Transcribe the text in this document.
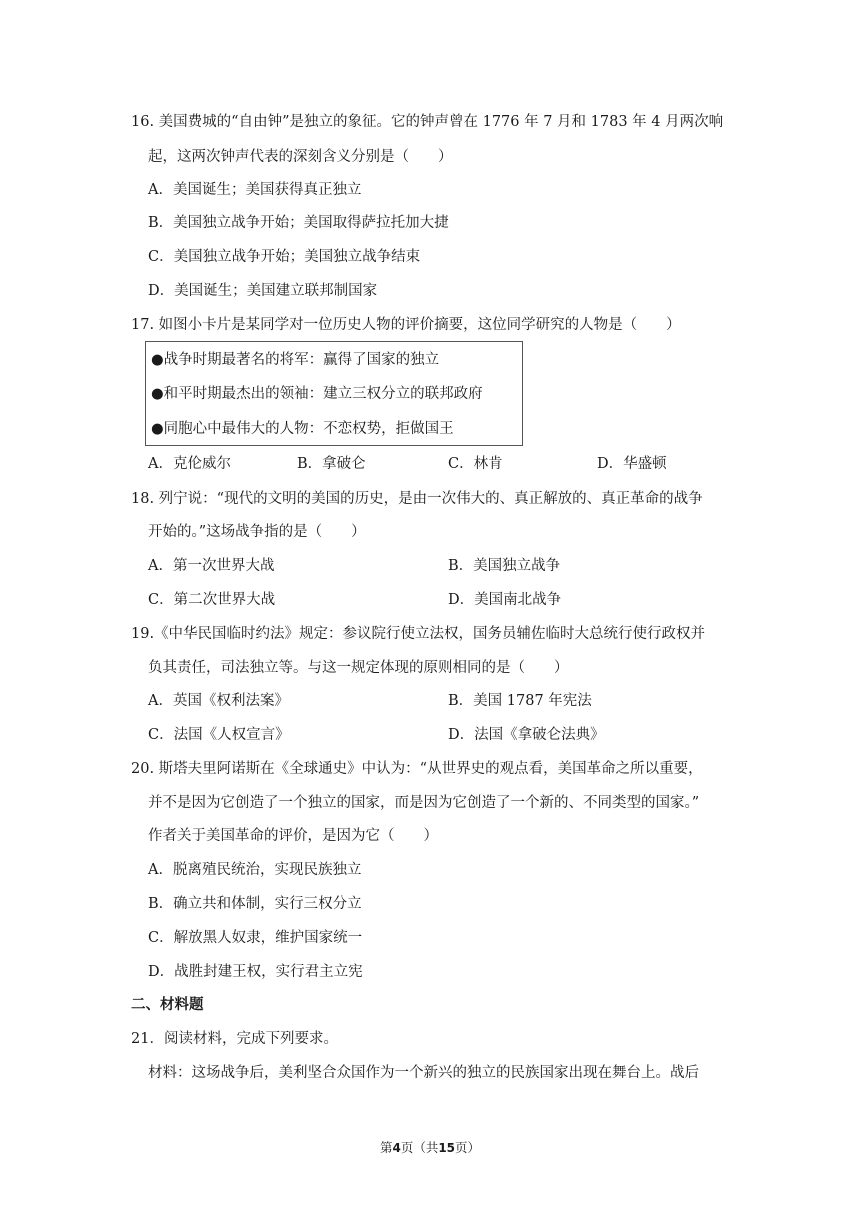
16. 美国费城的“自由钟”是独立的象征。它的钟声曾在 1776 年 7 月和 1783 年 4 月两次响
起，这两次钟声代表的深刻含义分别是（　　）
A．美国诞生；美国获得真正独立
B．美国独立战争开始；美国取得萨拉托加大捷
C．美国独立战争开始；美国独立战争结束
D．美国诞生；美国建立联邦制国家
17. 如图小卡片是某同学对一位历史人物的评价摘要，这位同学研究的人物是（　　）
●战争时期最著名的将军：赢得了国家的独立
●和平时期最杰出的领袖：建立三权分立的联邦政府
●同胞心中最伟大的人物：不恋权势，拒做国王
A．克伦威尔	B．拿破仑	C．林肯	D．华盛顿
18. 列宁说：“现代的文明的美国的历史，是由一次伟大的、真正解放的、真正革命的战争
开始的。”这场战争指的是（　　）
A．第一次世界大战	B．美国独立战争
C．第二次世界大战	D．美国南北战争
19.《中华民国临时约法》规定：参议院行使立法权，国务员辅佐临时大总统行使行政权并
负其责任，司法独立等。与这一规定体现的原则相同的是（　　）
A．英国《权利法案》	B．美国 1787 年宪法
C．法国《人权宣言》	D．法国《拿破仑法典》
20. 斯塔夫里阿诺斯在《全球通史》中认为：“从世界史的观点看，美国革命之所以重要，
并不是因为它创造了一个独立的国家，而是因为它创造了一个新的、不同类型的国家。”
作者关于美国革命的评价，是因为它（　　）
A．脱离殖民统治，实现民族独立
B．确立共和体制，实行三权分立
C．解放黑人奴隶，维护国家统一
D．战胜封建王权，实行君主立宪
二、材料题
21．阅读材料，完成下列要求。
材料：这场战争后，美利坚合众国作为一个新兴的独立的民族国家出现在舞台上。战后
第4页（共15页）
